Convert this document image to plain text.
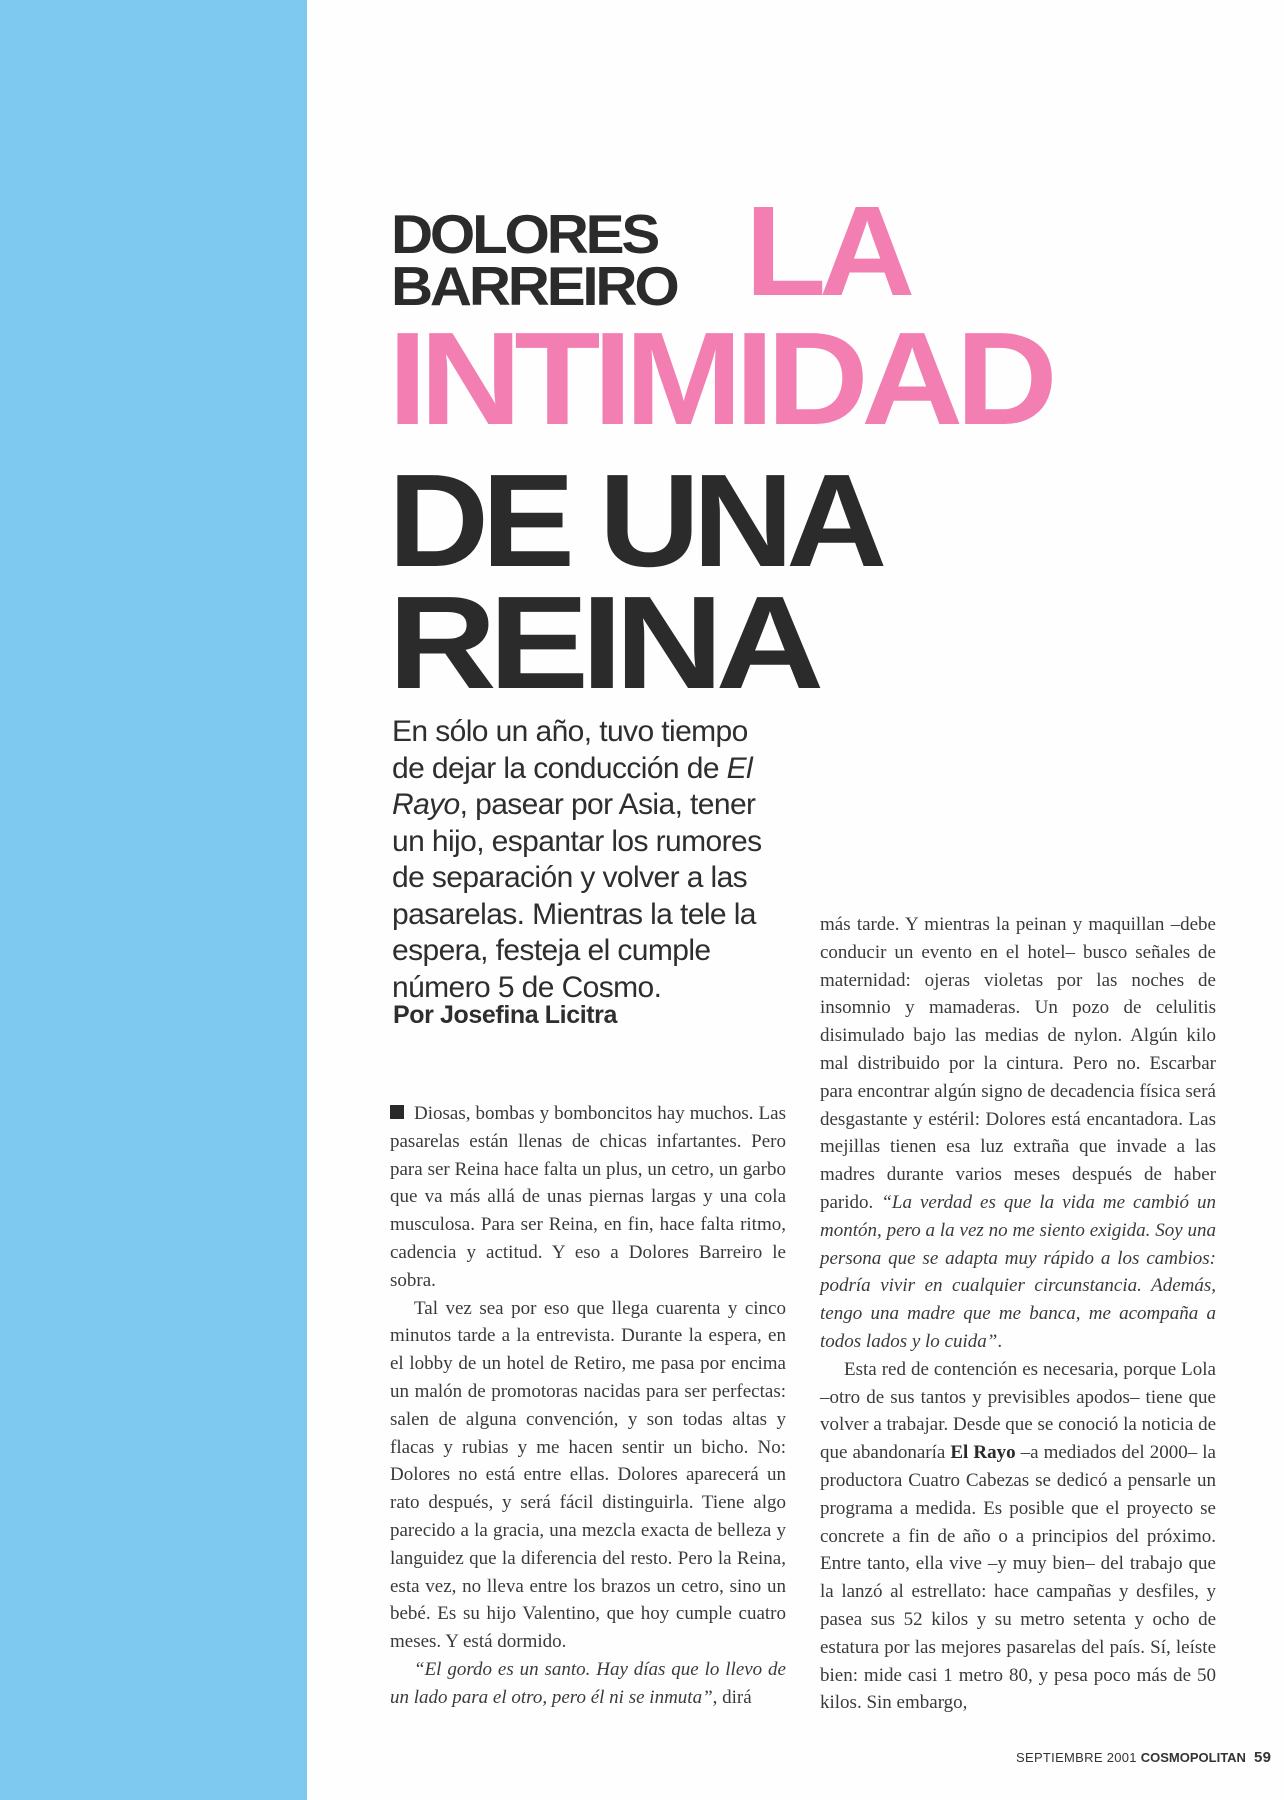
DOLORES
BARREIRO LA
INTIMIDAD
DE UNA
REINA
En sólo un año, tuvo tiempo de dejar la conducción de El Rayo, pasear por Asia, tener un hijo, espantar los rumores de separación y volver a las pasarelas. Mientras la tele la espera, festeja el cumple número 5 de Cosmo.
Por Josefina Licitra

Diosas, bombas y bomboncitos hay muchos. Las pasarelas están llenas de chicas infartantes. Pero para ser Reina hace falta un plus, un cetro, un garbo que va más allá de unas piernas largas y una cola musculosa. Para ser Reina, en fin, hace falta ritmo, cadencia y actitud. Y eso a Dolores Barreiro le sobra.

Tal vez sea por eso que llega cuarenta y cinco minutos tarde a la entrevista. Durante la espera, en el lobby de un hotel de Retiro, me pasa por encima un malón de promotoras nacidas para ser perfectas: salen de alguna convención, y son todas altas y flacas y rubias y me hacen sentir un bicho. No: Dolores no está entre ellas. Dolores aparecerá un rato después, y será fácil distinguirla. Tiene algo parecido a la gracia, una mezcla exacta de belleza y languidez que la diferencia del resto. Pero la Reina, esta vez, no lleva entre los brazos un cetro, sino un bebé. Es su hijo Valentino, que hoy cumple cuatro meses. Y está dormido.

“El gordo es un santo. Hay días que lo llevo de un lado para el otro, pero él ni se inmuta”, dirá

más tarde. Y mientras la peinan y maquillan –debe conducir un evento en el hotel– busco señales de maternidad: ojeras violetas por las noches de insomnio y mamaderas. Un pozo de celulitis disimulado bajo las medias de nylon. Algún kilo mal distribuido por la cintura. Pero no. Escarbar para encontrar algún signo de decadencia física será desgastante y estéril: Dolores está encantadora. Las mejillas tienen esa luz extraña que invade a las madres durante varios meses después de haber parido. “La verdad es que la vida me cambió un montón, pero a la vez no me siento exigida. Soy una persona que se adapta muy rápido a los cambios: podría vivir en cualquier circunstancia. Además, tengo una madre que me banca, me acompaña a todos lados y lo cuida”.

Esta red de contención es necesaria, porque Lola –otro de sus tantos y previsibles apodos– tiene que volver a trabajar. Desde que se conoció la noticia de que abandonaría El Rayo –a mediados del 2000– la productora Cuatro Cabezas se dedicó a pensarle un programa a medida. Es posible que el proyecto se concrete a fin de año o a principios del próximo. Entre tanto, ella vive –y muy bien– del trabajo que la lanzó al estrellato: hace campañas y desfiles, y pasea sus 52 kilos y su metro setenta y ocho de estatura por las mejores pasarelas del país. Sí, leíste bien: mide casi 1 metro 80, y pesa poco más de 50 kilos. Sin embargo,

SEPTIEMBRE 2001 COSMOPOLITAN 59
